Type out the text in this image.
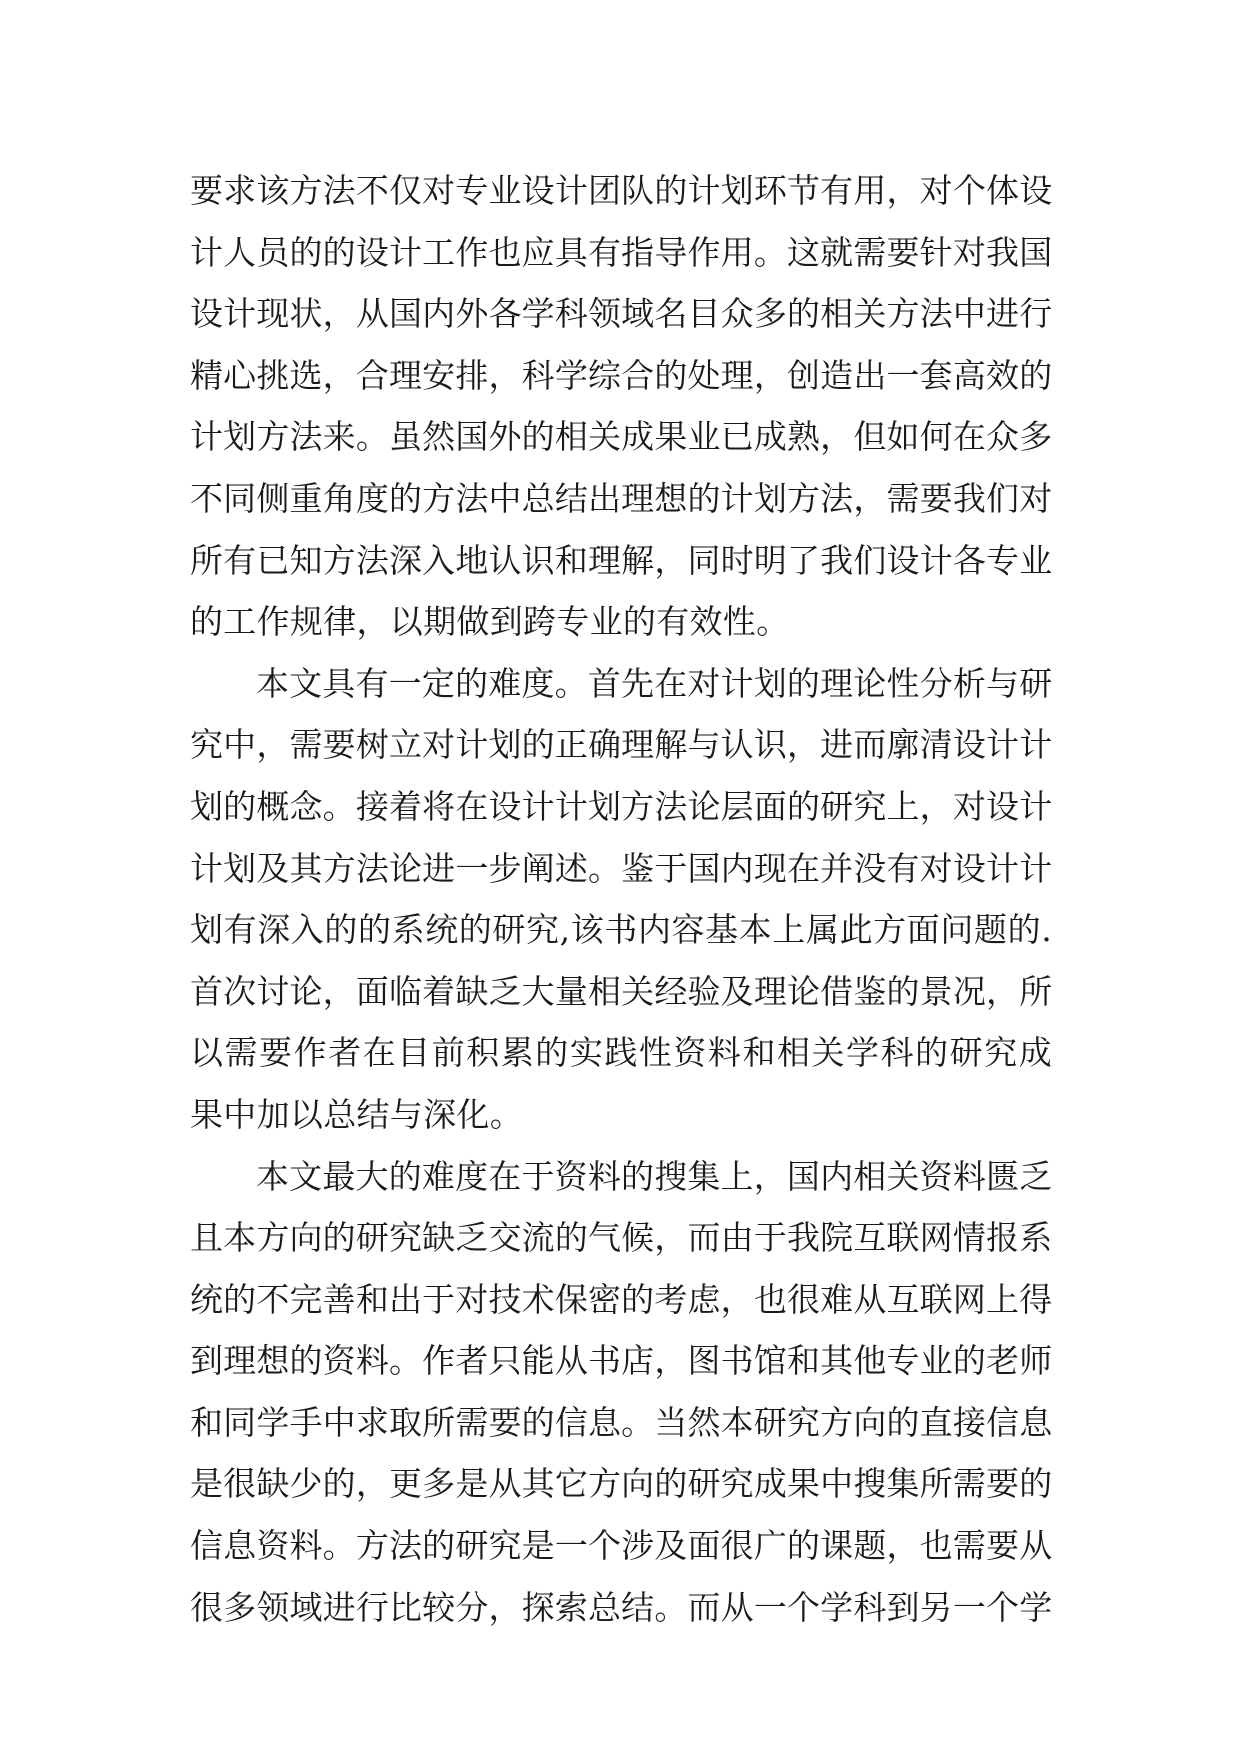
要求该方法不仅对专业设计团队的计划环节有用，对个体设
计人员的的设计工作也应具有指导作用。这就需要针对我国
设计现状，从国内外各学科领域名目众多的相关方法中进行
精心挑选，合理安排，科学综合的处理，创造出一套高效的
计划方法来。虽然国外的相关成果业已成熟，但如何在众多
不同侧重角度的方法中总结出理想的计划方法，需要我们对
所有已知方法深入地认识和理解，同时明了我们设计各专业
的工作规律，以期做到跨专业的有效性。
本文具有一定的难度。首先在对计划的理论性分析与研
究中，需要树立对计划的正确理解与认识，进而廓清设计计
划的概念。接着将在设计计划方法论层面的研究上，对设计
计划及其方法论进一步阐述。鉴于国内现在并没有对设计计
划有深入的的系统的研究,该书内容基本上属此方面问题的.
首次讨论，面临着缺乏大量相关经验及理论借鉴的景况，所
以需要作者在目前积累的实践性资料和相关学科的研究成
果中加以总结与深化。
本文最大的难度在于资料的搜集上，国内相关资料匮乏
且本方向的研究缺乏交流的气候，而由于我院互联网情报系
统的不完善和出于对技术保密的考虑，也很难从互联网上得
到理想的资料。作者只能从书店，图书馆和其他专业的老师
和同学手中求取所需要的信息。当然本研究方向的直接信息
是很缺少的，更多是从其它方向的研究成果中搜集所需要的
信息资料。方法的研究是一个涉及面很广的课题，也需要从
很多领域进行比较分，探索总结。而从一个学科到另一个学
